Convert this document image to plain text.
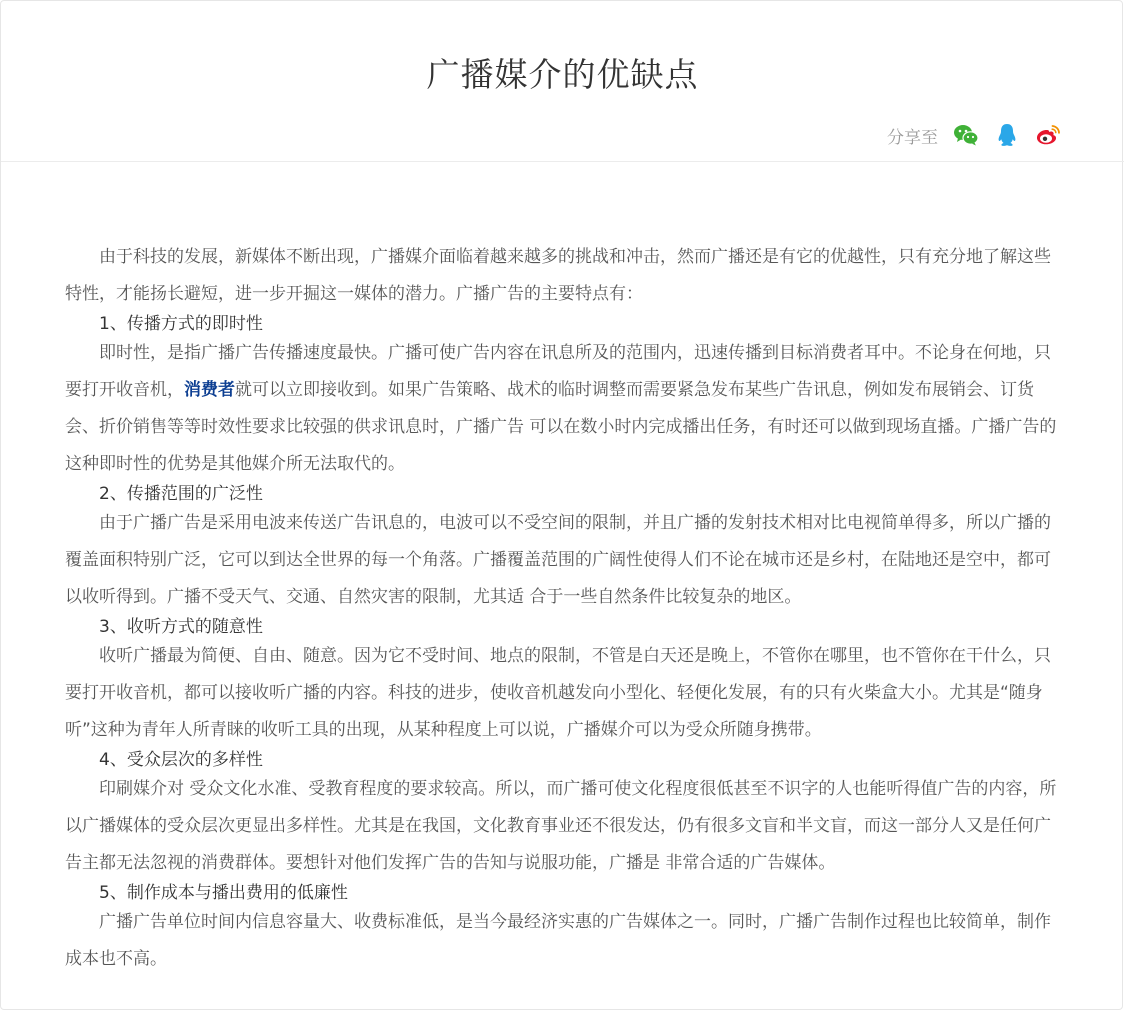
广播媒介的优缺点
分享至

由于科技的发展，新媒体不断出现，广播媒介面临着越来越多的挑战和冲击，然而广播还是有它的优越性，只有充分地了解这些特性，才能扬长避短，进一步开掘这一媒体的潜力。广播广告的主要特点有：

1、传播方式的即时性

即时性，是指广播广告传播速度最快。广播可使广告内容在讯息所及的范围内，迅速传播到目标消费者耳中。不论身在何地，只要打开收音机，消费者就可以立即接收到。如果广告策略、战术的临时调整而需要紧急发布某些广告讯息，例如发布展销会、订货会、折价销售等等时效性要求比较强的供求讯息时，广播广告 可以在数小时内完成播出任务，有时还可以做到现场直播。广播广告的这种即时性的优势是其他媒介所无法取代的。

2、传播范围的广泛性

由于广播广告是采用电波来传送广告讯息的，电波可以不受空间的限制，并且广播的发射技术相对比电视简单得多，所以广播的覆盖面积特别广泛，它可以到达全世界的每一个角落。广播覆盖范围的广阔性使得人们不论在城市还是乡村，在陆地还是空中，都可以收听得到。广播不受天气、交通、自然灾害的限制，尤其适 合于一些自然条件比较复杂的地区。

3、收听方式的随意性

收听广播最为简便、自由、随意。因为它不受时间、地点的限制，不管是白天还是晚上，不管你在哪里，也不管你在干什么，只要打开收音机，都可以接收听广播的内容。科技的进步，使收音机越发向小型化、轻便化发展，有的只有火柴盒大小。尤其是“随身听”这种为青年人所青睐的收听工具的出现，从某种程度上可以说，广播媒介可以为受众所随身携带。

4、受众层次的多样性

印刷媒介对 受众文化水准、受教育程度的要求较高。所以，而广播可使文化程度很低甚至不识字的人也能听得值广告的内容，所以广播媒体的受众层次更显出多样性。尤其是在我国，文化教育事业还不很发达，仍有很多文盲和半文盲，而这一部分人又是任何广告主都无法忽视的消费群体。要想针对他们发挥广告的告知与说服功能，广播是 非常合适的广告媒体。

5、制作成本与播出费用的低廉性

广播广告单位时间内信息容量大、收费标准低，是当今最经济实惠的广告媒体之一。同时，广播广告制作过程也比较简单，制作成本也不高。
